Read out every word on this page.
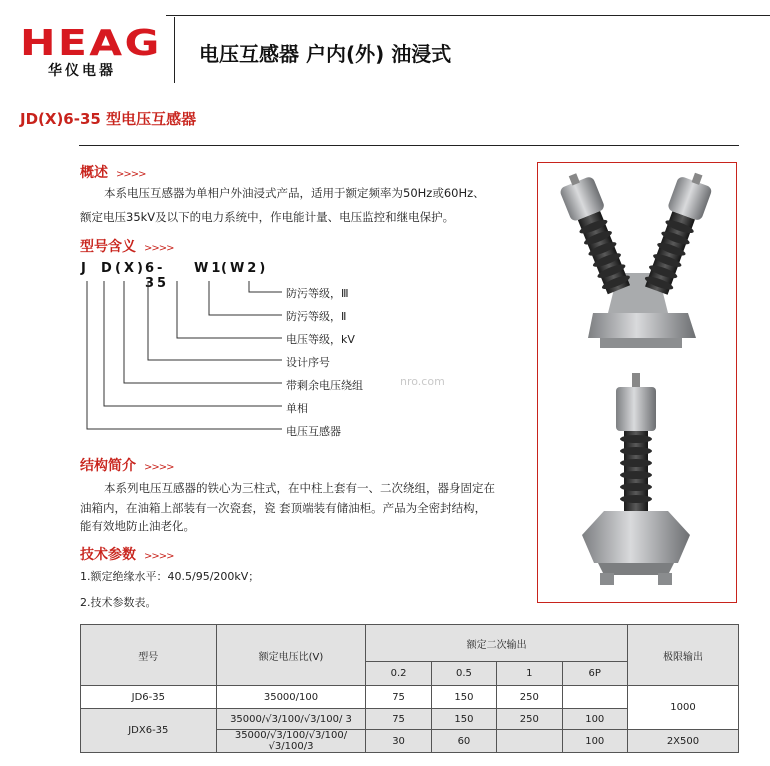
HEAG
华仪电器
电压互感器 户内(外) 油浸式
JD(X)6-35 型电压互感器
概述 >>>>
本系电压互感器为单相户外油浸式产品，适用于额定频率为50Hz或60Hz、
额定电压35kV及以下的电力系统中，作电能计量、电压监控和继电保护。
型号含义 >>>>
J D (X) 6-35
W1
(W2)
防污等级，Ⅲ
防污等级，Ⅱ
电压等级，kV
设计序号
带剩余电压绕组
单相
电压互感器
nro.com
结构简介 >>>>
本系列电压互感器的铁心为三柱式，在中柱上套有一、二次绕组，器身固定在
油箱内，在油箱上部装有一次瓷套，瓷 套顶端装有储油柜。产品为全密封结构，
能有效地防止油老化。
技术参数 >>>>
1.额定绝缘水平：40.5/95/200kV；
2.技术参数表。
型号	额定电压比(V)	额定二次输出				极限输出
		0.2	0.5	1	6P	
JD6-35	35000/100	75	150	250		1000
JDX6-35	35000/√3/100/√3/100/ 3	75	150	250	100	
	35000/√3/100/√3/100/√3/100/3	30	60		100	2X500
